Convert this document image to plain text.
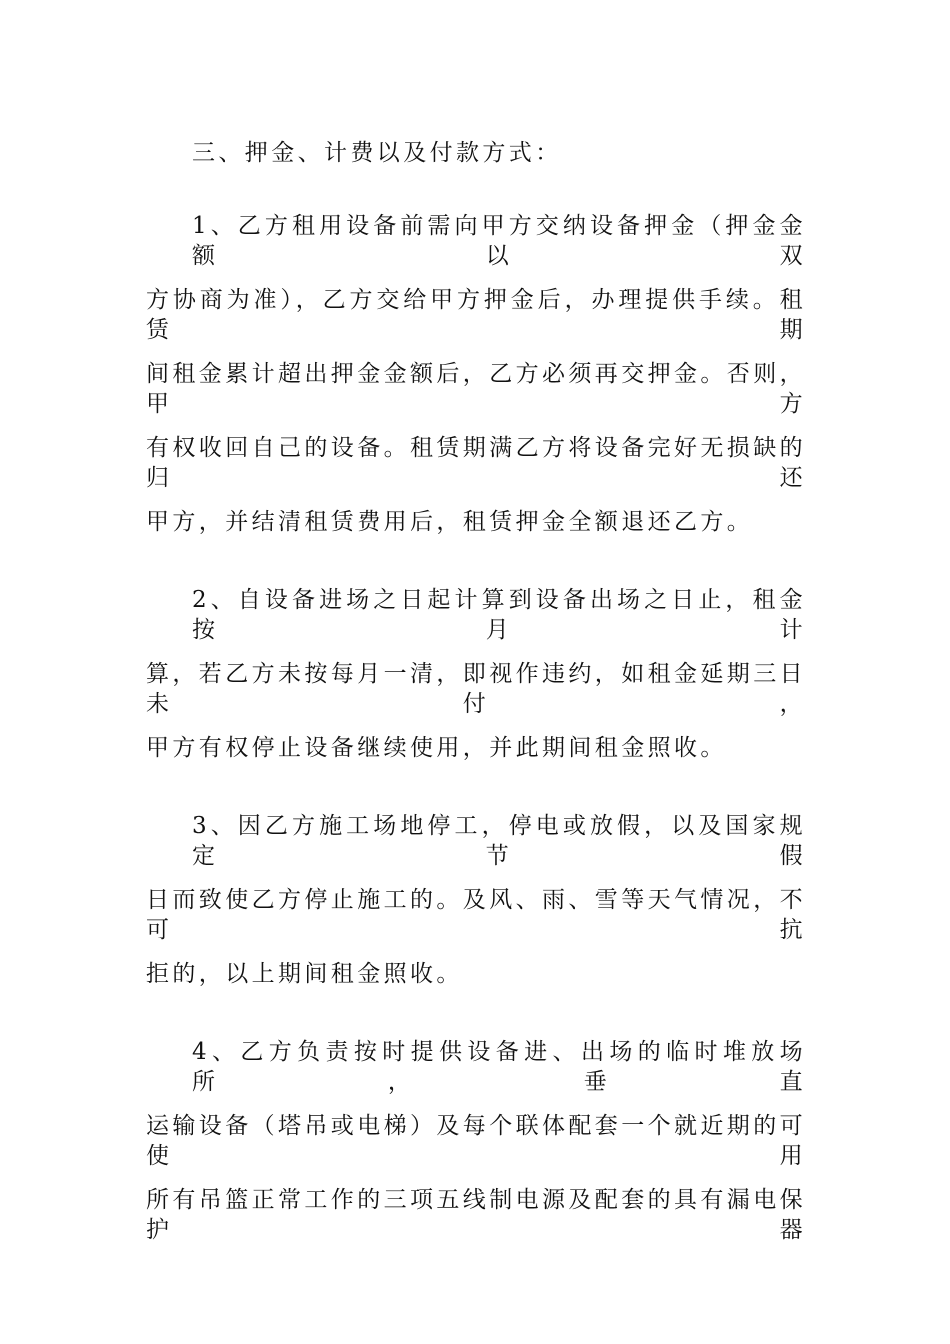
三、押金、计费以及付款方式：
1、乙方租用设备前需向甲方交纳设备押金（押金金额以双
方协商为准），乙方交给甲方押金后，办理提供手续。租赁期
间租金累计超出押金金额后，乙方必须再交押金。否则，甲方
有权收回自己的设备。租赁期满乙方将设备完好无损缺的归还
甲方，并结清租赁费用后，租赁押金全额退还乙方。
2、自设备进场之日起计算到设备出场之日止，租金按月计
算，若乙方未按每月一清，即视作违约，如租金延期三日未付，
甲方有权停止设备继续使用，并此期间租金照收。
3、因乙方施工场地停工，停电或放假，以及国家规定节假
日而致使乙方停止施工的。及风、雨、雪等天气情况，不可抗
拒的，以上期间租金照收。
4、乙方负责按时提供设备进、出场的临时堆放场所，垂直
运输设备（塔吊或电梯）及每个联体配套一个就近期的可使用
所有吊篮正常工作的三项五线制电源及配套的具有漏电保护器
